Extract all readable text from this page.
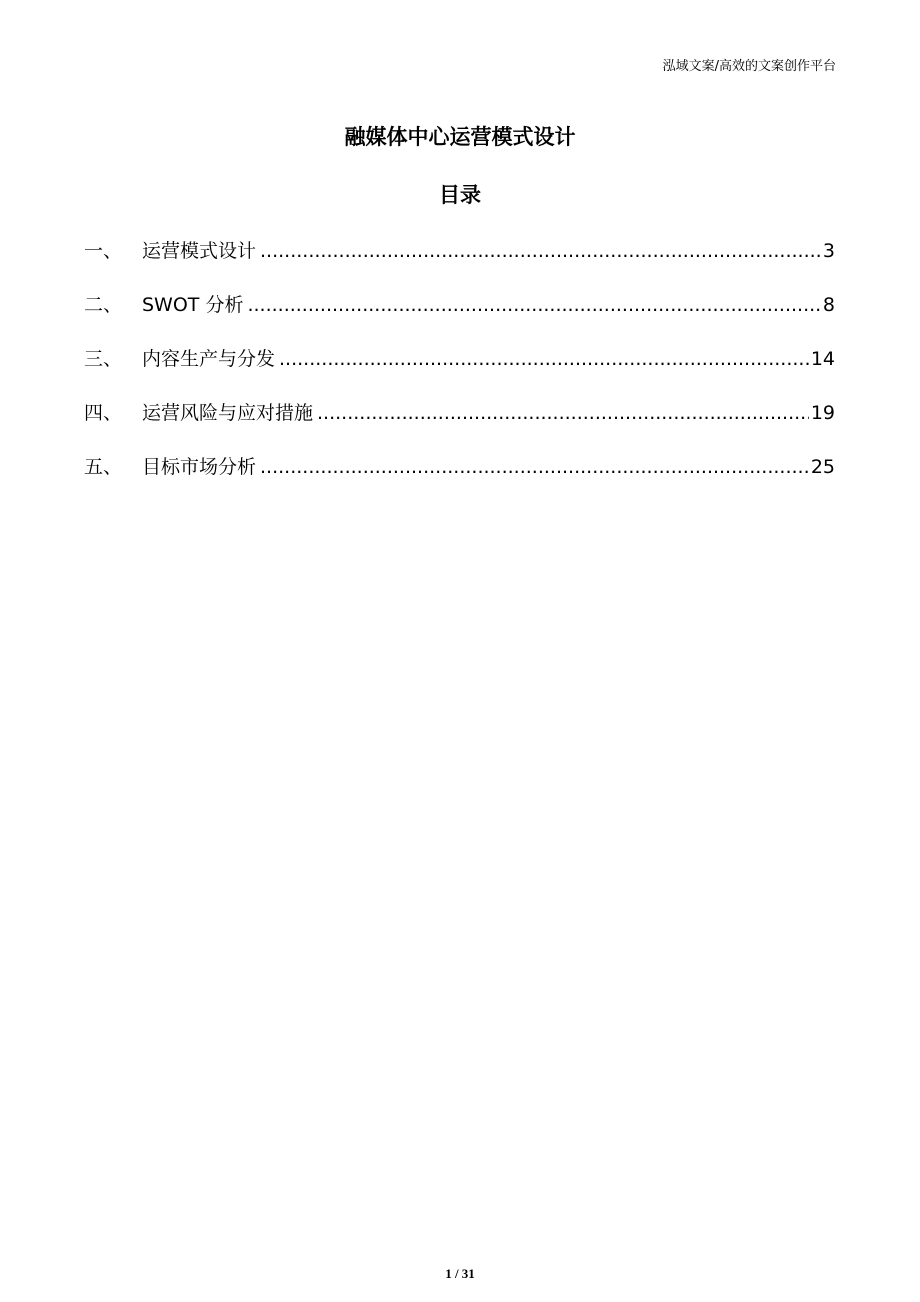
泓域文案/高效的文案创作平台
融媒体中心运营模式设计
目录
一、	运营模式设计 .....	3
二、	SWOT 分析 .....	8
三、	内容生产与分发 .....	14
四、	运营风险与应对措施 .....	19
五、	目标市场分析 .....	25
1 / 31
